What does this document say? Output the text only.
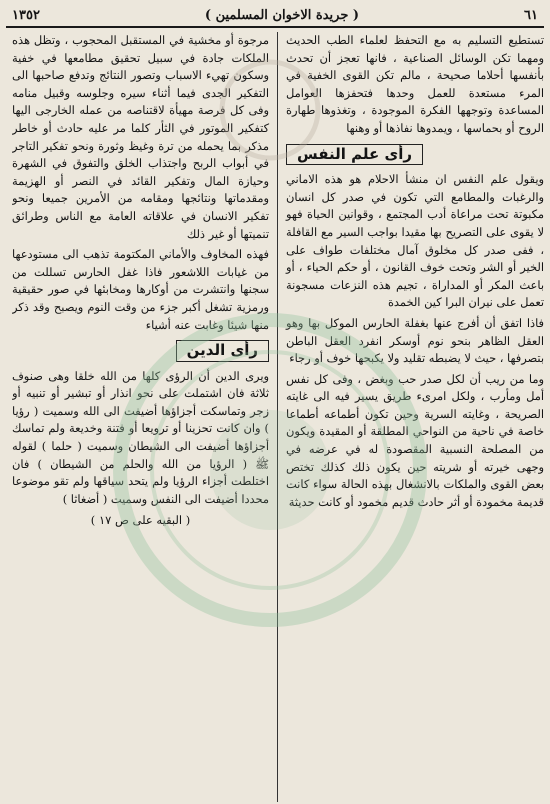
٦١
( جريدة الاخوان المسلمين )
١٣٥٢

تستطيع التسليم به مع التحفظ لعلماء الطب الحديث ومهما تكن الوسائل الصناعية ، فانها تعجز أن تحدث بأنفسها أحلاما صحيحة ، مالم تكن القوى الخفية في المرء مستعدة للعمل وحدها فتحفزها العوامل المساعدة وتوجهها الفكرة الموجودة ، وتغذوها طهارة الروح أو بحماسها ، ويمدوها نفاذها أو وهنها

رأى علم النفس

ويقول علم النفس ان منشأ الاحلام هو هذه الاماني والرغبات والمطامع التي تكون في صدر كل انسان مكبوتة تحت مراعاة أدب المجتمع ، وقوانين الحياة فهو لا يقوى على التصريح بها مقيدا بواجب السير مع القافلة ، ففى صدر كل مخلوق آمال مختلفات طواف على الخير أو الشر وتحت خوف القانون ، أو حكم الحياء ، أو باعث المكر أو المداراة ، تجيم هذه النزعات مسجونة تعمل على نيران البرا كين الخمدة

فاذا اتفق أن أفرج عنها بغفلة الحارس الموكل بها وهو العقل الظاهر بنحو نوم أوسكر انفرد العقل الباطن بتصرفها ، حيث لا يضبطه تقليد ولا يكبحها خوف أو رجاء

وما من ريب أن لكل صدر حب وبغض ، وفى كل نفس أمل ومأرب ، ولكل امرىء طريق يسير فيه الى غايته الصريحة ، وغايته السرية وحين تكون أطماعه أطماعا خاصة في ناحية من النواحي المطلقة أو المقيدة ويكون من المصلحة النسبية المقصودة له في عرضه في وجهى خيرته أو شريته حين يكون ذلك كذلك تختص بعض القوى والملكات بالانشغال بهذه الحالة سواء كانت قديمة مخمودة أو أثر حادث قديم مخمود أو كانت حديثة

مرجوة أو مخشية في المستقبل المحجوب ، وتظل هذه الملكات جادة في سبيل تحقيق مطامعها في خفية وسكون تهيء الاسباب وتصور النتائج وتدفع صاحبها الى التفكير الجدى فيما أثناء سيره وجلوسه وقبيل منامه وفى كل فرصة مهيأة لاقتناصه من عمله الخارجى اليها كتفكير الموتور في الثأر كلما مر عليه حادث أو خاطر مذكر بما يحمله من ترة وغيظ وثورة ونحو تفكير التاجر في أبواب الربح واجتذاب الخلق والتفوق في الشهرة وحيازة المال وتفكير القائد في النصر أو الهزيمة ومقدماتها ونتائجها ومقامه من الأمرين جميعا ونحو تفكير الانسان في علاقاته العامة مع الناس وطرائق تنميتها أو غير ذلك

فهذه المخاوف والأماني المكتومة تذهب الى مستودعها من غيابات اللاشعور فاذا غفل الحارس تسللت من سجنها وانتشرت من أوكارها ومخابئها في صور حقيقية ورمزية تشغل أكبر جزء من وقت النوم ويصبح وقد ذكر منها شيئا وغابت عنه أشياء

رأى الدين

ويرى الدين أن الرؤى كلها من الله خلقا وهى صنوف ثلاثة فان اشتملت على نحو انذار أو تبشير أو تنبيه أو زجر وتماسكت أجزاؤها أضيفت الى الله وسميت ( رؤيا ) وان كانت تحزينا أو ترويعا أو فتنة وخديعة ولم تماسك أجزاؤها أضيفت الى الشيطان وسميت ( حلما ) لقوله ﷺ ( الرؤيا من الله والحلم من الشيطان ) فان اختلطت أجزاء الرؤيا ولم يتحد سياقها ولم تقو موضوعا محددا أضيفت الى النفس وسميت ( أضغاثا )

( البقيه على ص ١٧ )
